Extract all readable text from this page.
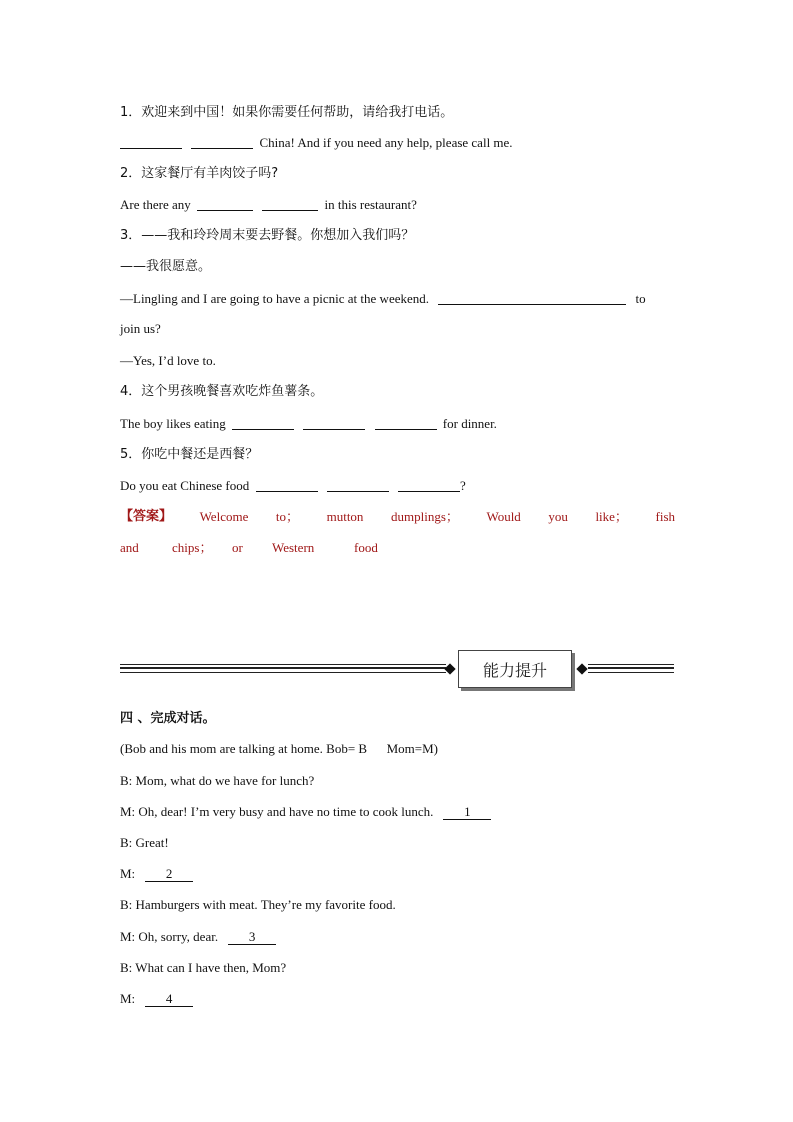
1．欢迎来到中国！如果你需要任何帮助，请给我打电话。
China! And if you need any help, please call me.
2．这家餐厅有羊肉饺子吗?
Are there any	in this restaurant?
3．——我和玲玲周末要去野餐。你想加入我们吗？
——我很愿意。
—Lingling and I are going to have a picnic at the weekend.	to
join us?
—Yes, I’d love to.
4．这个男孩晚餐喜欢吃炸鱼薯条。
The boy likes eating	for dinner.
5．你吃中餐还是西餐？
Do you eat Chinese food	?
【答案】 Welcome to； mutton dumplings； Would you like； fish
and	chips；	or	Western	food
能力提升
四 、完成对话。
(Bob and his mom are talking at home. Bob= B      Mom=M)
B: Mom, what do we have for lunch?
M: Oh, dear! I’m very busy and have no time to cook lunch. 1
B: Great!
M: 2
B: Hamburgers with meat. They’re my favorite food.
M: Oh, sorry, dear. 3
B: What can I have then, Mom?
M: 4
